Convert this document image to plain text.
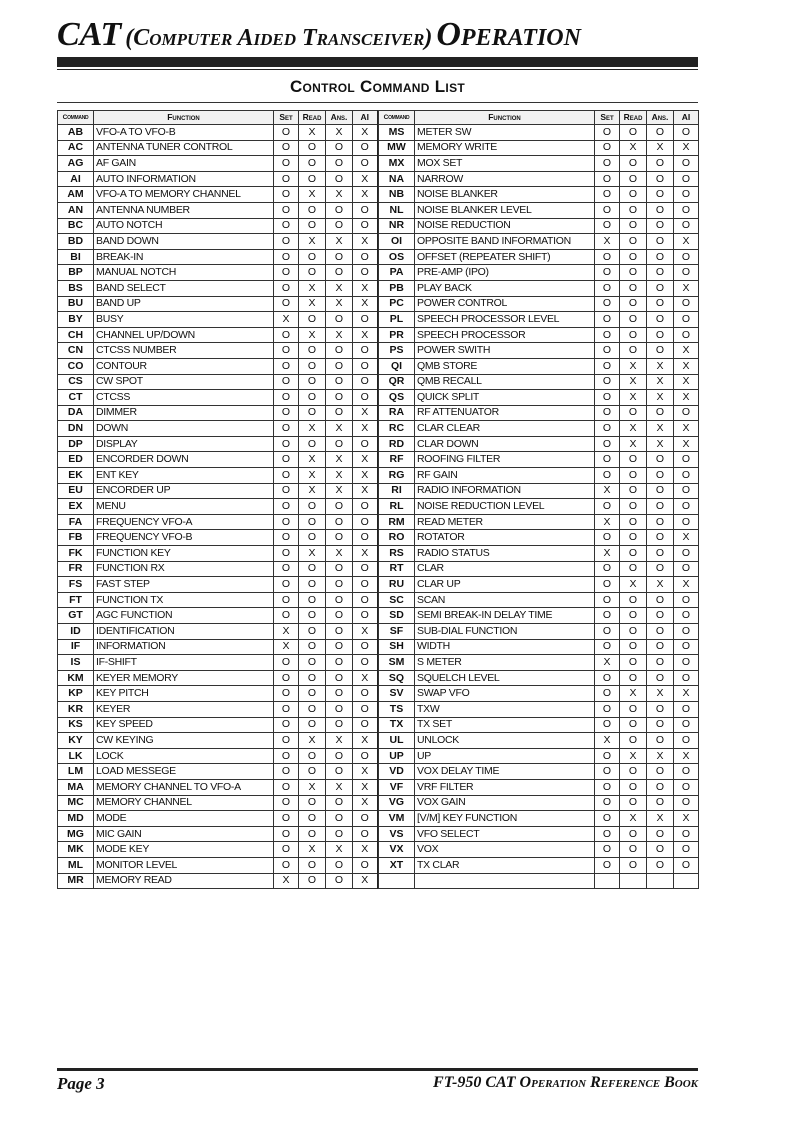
CAT (Computer Aided Transceiver) Operation
Control Command List
Command	Function	Set	Read	Ans.	AI
AB	VFO-A TO VFO-B	O	X	X	X
AC	ANTENNA TUNER CONTROL	O	O	O	O
AG	AF GAIN	O	O	O	O
AI	AUTO INFORMATION	O	O	O	X
AM	VFO-A TO MEMORY CHANNEL	O	X	X	X
AN	ANTENNA NUMBER	O	O	O	O
BC	AUTO NOTCH	O	O	O	O
BD	BAND DOWN	O	X	X	X
BI	BREAK-IN	O	O	O	O
BP	MANUAL NOTCH	O	O	O	O
BS	BAND SELECT	O	X	X	X
BU	BAND UP	O	X	X	X
BY	BUSY	X	O	O	O
CH	CHANNEL UP/DOWN	O	X	X	X
CN	CTCSS NUMBER	O	O	O	O
CO	CONTOUR	O	O	O	O
CS	CW SPOT	O	O	O	O
CT	CTCSS	O	O	O	O
DA	DIMMER	O	O	O	X
DN	DOWN	O	X	X	X
DP	DISPLAY	O	O	O	O
ED	ENCORDER DOWN	O	X	X	X
EK	ENT KEY	O	X	X	X
EU	ENCORDER UP	O	X	X	X
EX	MENU	O	O	O	O
FA	FREQUENCY VFO-A	O	O	O	O
FB	FREQUENCY VFO-B	O	O	O	O
FK	FUNCTION KEY	O	X	X	X
FR	FUNCTION RX	O	O	O	O
FS	FAST STEP	O	O	O	O
FT	FUNCTION TX	O	O	O	O
GT	AGC FUNCTION	O	O	O	O
ID	IDENTIFICATION	X	O	O	X
IF	INFORMATION	X	O	O	O
IS	IF-SHIFT	O	O	O	O
KM	KEYER MEMORY	O	O	O	X
KP	KEY PITCH	O	O	O	O
KR	KEYER	O	O	O	O
KS	KEY SPEED	O	O	O	O
KY	CW KEYING	O	X	X	X
LK	LOCK	O	O	O	O
LM	LOAD MESSEGE	O	O	O	X
MA	MEMORY CHANNEL TO VFO-A	O	X	X	X
MC	MEMORY CHANNEL	O	O	O	X
MD	MODE	O	O	O	O
MG	MIC GAIN	O	O	O	O
MK	MODE KEY	O	X	X	X
ML	MONITOR LEVEL	O	O	O	O
MR	MEMORY READ	X	O	O	X
Command	Function	Set	Read	Ans.	AI
MS	METER SW	O	O	O	O
MW	MEMORY WRITE	O	X	X	X
MX	MOX SET	O	O	O	O
NA	NARROW	O	O	O	O
NB	NOISE BLANKER	O	O	O	O
NL	NOISE BLANKER LEVEL	O	O	O	O
NR	NOISE REDUCTION	O	O	O	O
OI	OPPOSITE BAND INFORMATION	X	O	O	X
OS	OFFSET (REPEATER SHIFT)	O	O	O	O
PA	PRE-AMP (IPO)	O	O	O	O
PB	PLAY BACK	O	O	O	X
PC	POWER CONTROL	O	O	O	O
PL	SPEECH PROCESSOR LEVEL	O	O	O	O
PR	SPEECH PROCESSOR	O	O	O	O
PS	POWER SWITH	O	O	O	X
QI	QMB STORE	O	X	X	X
QR	QMB RECALL	O	X	X	X
QS	QUICK SPLIT	O	X	X	X
RA	RF ATTENUATOR	O	O	O	O
RC	CLAR CLEAR	O	X	X	X
RD	CLAR DOWN	O	X	X	X
RF	ROOFING FILTER	O	O	O	O
RG	RF GAIN	O	O	O	O
RI	RADIO INFORMATION	X	O	O	O
RL	NOISE REDUCTION LEVEL	O	O	O	O
RM	READ METER	X	O	O	O
RO	ROTATOR	O	O	O	X
RS	RADIO STATUS	X	O	O	O
RT	CLAR	O	O	O	O
RU	CLAR UP	O	X	X	X
SC	SCAN	O	O	O	O
SD	SEMI BREAK-IN DELAY TIME	O	O	O	O
SF	SUB-DIAL FUNCTION	O	O	O	O
SH	WIDTH	O	O	O	O
SM	S METER	X	O	O	O
SQ	SQUELCH LEVEL	O	O	O	O
SV	SWAP VFO	O	X	X	X
TS	TXW	O	O	O	O
TX	TX SET	O	O	O	O
UL	UNLOCK	X	O	O	O
UP	UP	O	X	X	X
VD	VOX DELAY TIME	O	O	O	O
VF	VRF FILTER	O	O	O	O
VG	VOX GAIN	O	O	O	O
VM	[V/M] KEY FUNCTION	O	X	X	X
VS	VFO SELECT	O	O	O	O
VX	VOX	O	O	O	O
XT	TX CLAR	O	O	O	O

Page 3	FT-950 CAT Operation Reference Book
